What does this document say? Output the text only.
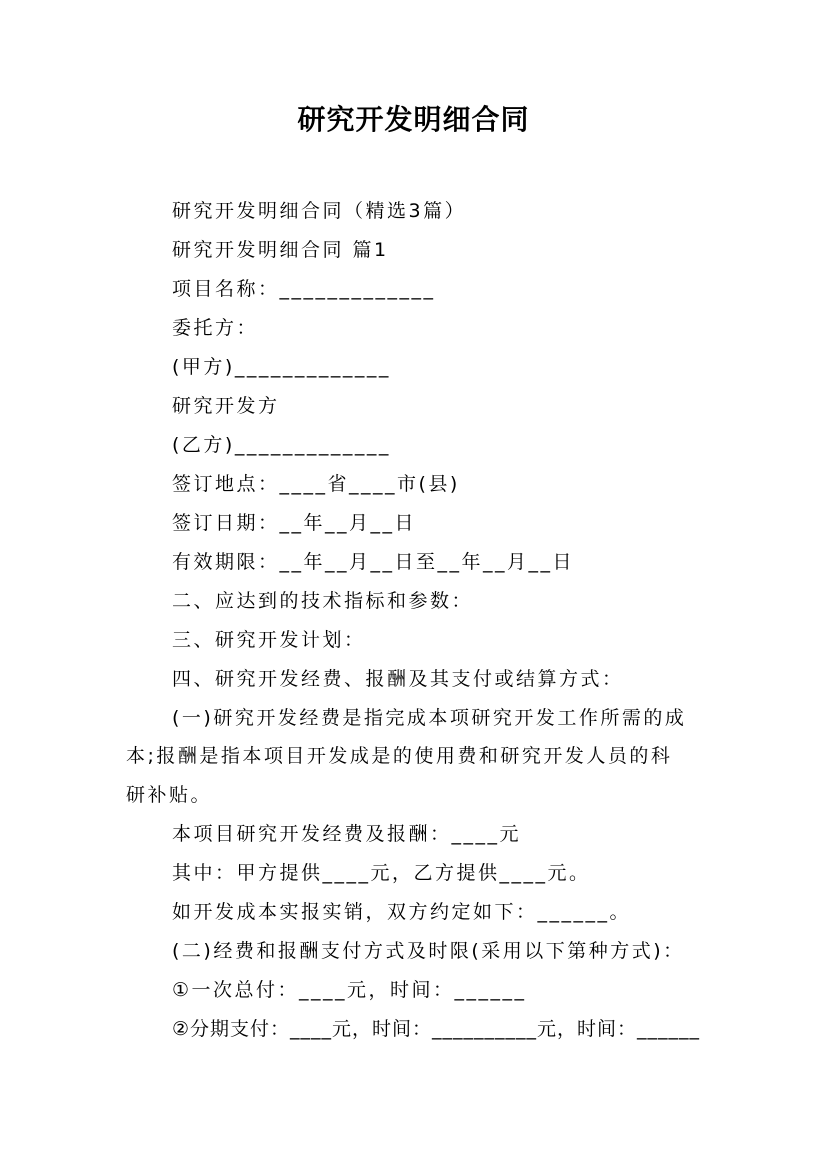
研究开发明细合同
研究开发明细合同（精选3篇）
研究开发明细合同 篇1
项目名称：_____________
委托方：
(甲方)_____________
研究开发方
(乙方)_____________
签订地点：____省____市(县)
签订日期：__年__月__日
有效期限：__年__月__日至__年__月__日
二、应达到的技术指标和参数：
三、研究开发计划：
四、研究开发经费、报酬及其支付或结算方式：
(一)研究开发经费是指完成本项研究开发工作所需的成
本;报酬是指本项目开发成是的使用费和研究开发人员的科
研补贴。
本项目研究开发经费及报酬：____元
其中：甲方提供____元，乙方提供____元。
如开发成本实报实销，双方约定如下：______。
(二)经费和报酬支付方式及时限(采用以下第种方式)：
①一次总付：____元，时间：______
②分期支付：____元，时间：__________元，时间：______
